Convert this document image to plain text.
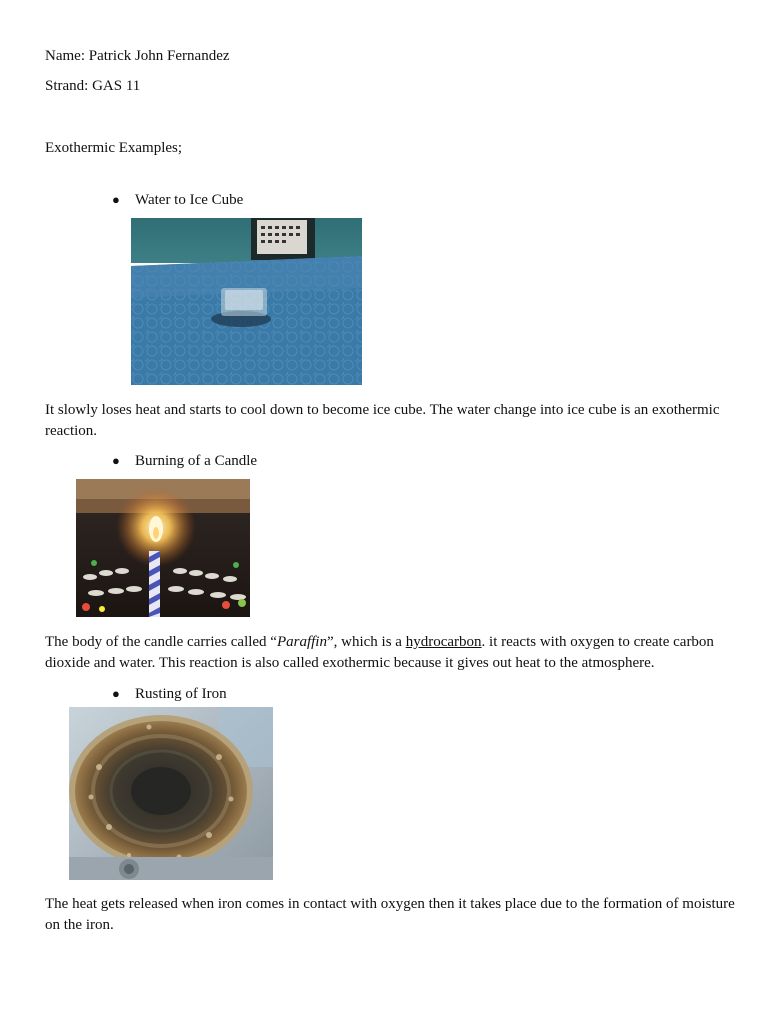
Name: Patrick John Fernandez
Strand: GAS 11
Exothermic Examples;
● Water to Ice Cube
It slowly loses heat and starts to cool down to become ice cube. The water change into ice cube is an exothermic reaction.
● Burning of a Candle
The body of the candle carries called “Paraffin”, which is a hydrocarbon. it reacts with oxygen to create carbon dioxide and water. This reaction is also called exothermic because it gives out heat to the atmosphere.
● Rusting of Iron
The heat gets released when iron comes in contact with oxygen then it takes place due to the formation of moisture on the iron.
